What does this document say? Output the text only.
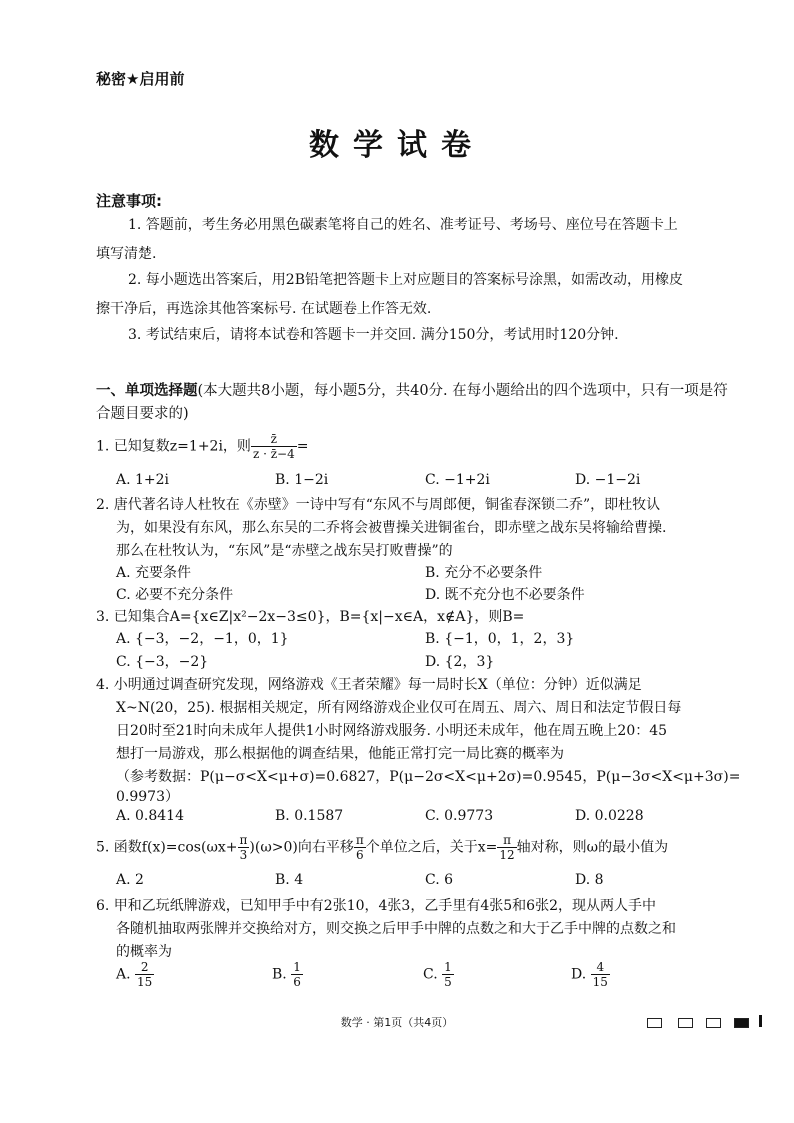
秘密★启用前
数学试卷
注意事项:
1. 答题前，考生务必用黑色碳素笔将自己的姓名、准考证号、考场号、座位号在答题卡上
填写清楚.
2. 每小题选出答案后，用2B铅笔把答题卡上对应题目的答案标号涂黑，如需改动，用橡皮
擦干净后，再选涂其他答案标号. 在试题卷上作答无效.
3. 考试结束后，请将本试卷和答题卡一并交回. 满分150分，考试用时120分钟.
一、单项选择题(本大题共8小题，每小题5分，共40分. 在每小题给出的四个选项中，只有一项是符合题目要求的)
1. 已知复数z=1+2i，则 $\frac{z̄}{z \cdot z̄-4}$ =
A. 1+2i	B. 1−2i	C. −1+2i	D. −1−2i
2. 唐代著名诗人杜牧在《赤壁》一诗中写有“东风不与周郎便，铜雀春深锁二乔”，即杜牧认
为，如果没有东风，那么东吴的二乔将会被曹操关进铜雀台，即赤壁之战东吴将输给曹操.
那么在杜牧认为，“东风”是“赤壁之战东吴打败曹操”的
A. 充要条件	B. 充分不必要条件
C. 必要不充分条件	D. 既不充分也不必要条件
3. 已知集合A={x∈Z|x²−2x−3≤0}，B={x|−x∈A，x∉A}，则B=
A. {−3，−2，−1，0，1}	B. {−1，0，1，2，3}
C. {−3，−2}	D. {2，3}
4. 小明通过调查研究发现，网络游戏《王者荣耀》每一局时长X（单位：分钟）近似满足
X~N(20，25). 根据相关规定，所有网络游戏企业仅可在周五、周六、周日和法定节假日每
日20时至21时向未成年人提供1小时网络游戏服务. 小明还未成年，他在周五晚上20：45
想打一局游戏，那么根据他的调查结果，他能正常打完一局比赛的概率为
（参考数据：P(μ−σ<X<μ+σ)=0.6827，P(μ−2σ<X<μ+2σ)=0.9545，P(μ−3σ<X<μ+3σ)=
0.9973）
A. 0.8414	B. 0.1587	C. 0.9773	D. 0.0228
5. 函数$f(x)=\cos(\omega x+ \frac{\pi}{3} )(\omega>0)$向右平移 $\frac{\pi}{6}$ 个单位之后，关于$x= \frac{\pi}{12}$ 轴对称，则ω的最小值为
A. 2	B. 4	C. 6	D. 8
6. 甲和乙玩纸牌游戏，已知甲手中有2张10，4张3，乙手里有4张5和6张2，现从两人手中
各随机抽取两张牌并交换给对方，则交换之后甲手中牌的点数之和大于乙手中牌的点数之和
的概率为
A. $\frac{2}{15}$	B. $\frac{1}{6}$	C. $\frac{1}{5}$	D. $\frac{4}{15}$
数学 · 第1页（共4页）
